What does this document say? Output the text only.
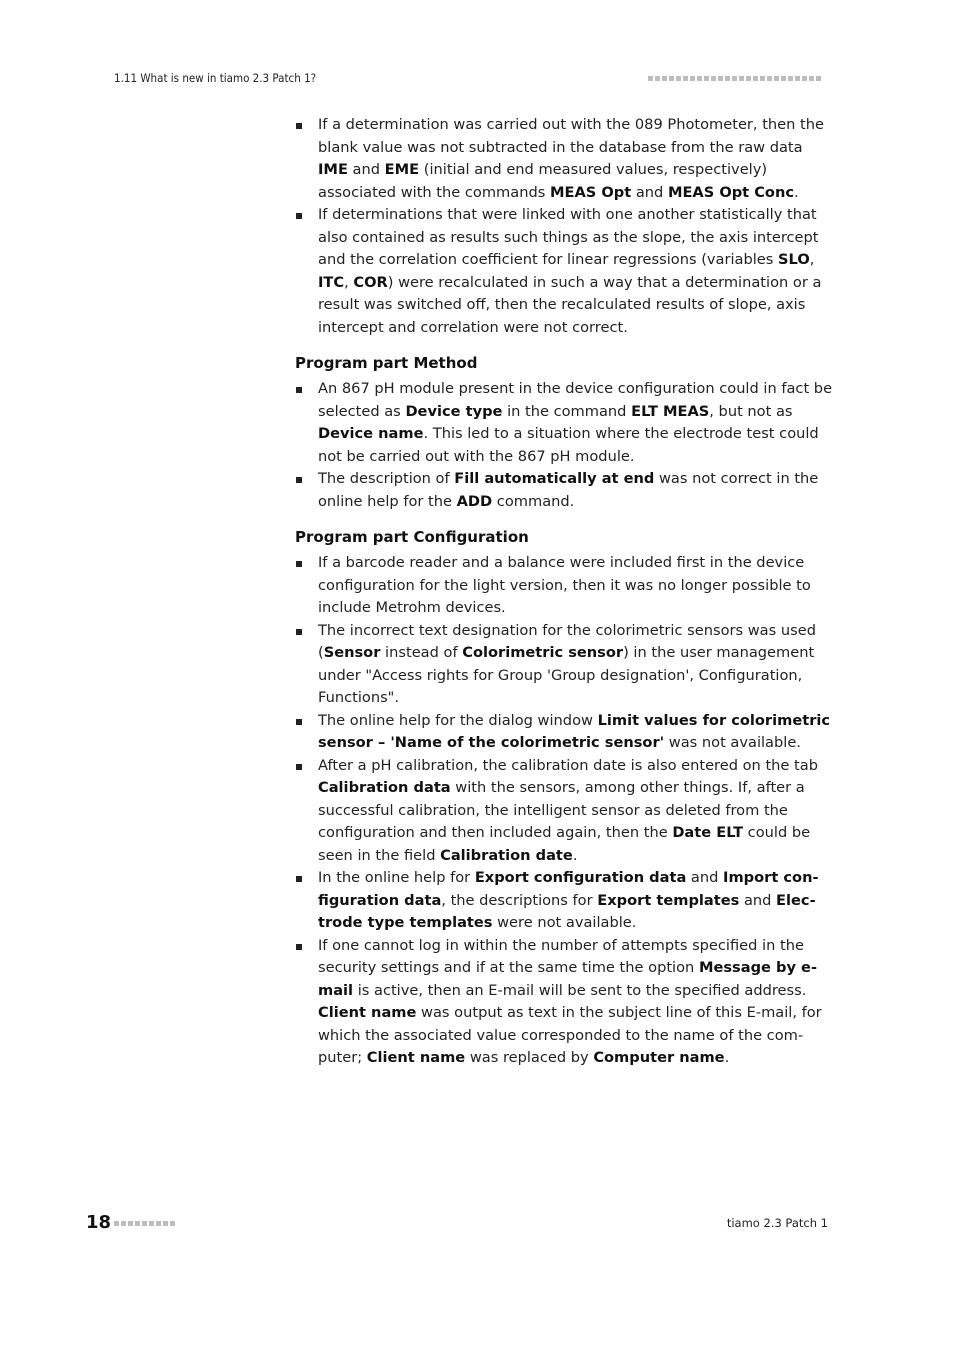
1.11 What is new in tiamo 2.3 Patch 1?
If a determination was carried out with the 089 Photometer, then the blank value was not subtracted in the database from the raw data IME and EME (initial and end measured values, respectively) associated with the commands MEAS Opt and MEAS Opt Conc.
If determinations that were linked with one another statistically that also contained as results such things as the slope, the axis intercept and the correlation coefficient for linear regressions (variables SLO, ITC, COR) were recalculated in such a way that a determination or a result was switched off, then the recalculated results of slope, axis intercept and correlation were not correct.
Program part Method
An 867 pH module present in the device configuration could in fact be selected as Device type in the command ELT MEAS, but not as Device name. This led to a situation where the electrode test could not be carried out with the 867 pH module.
The description of Fill automatically at end was not correct in the online help for the ADD command.
Program part Configuration
If a barcode reader and a balance were included first in the device configuration for the light version, then it was no longer possible to include Metrohm devices.
The incorrect text designation for the colorimetric sensors was used (Sensor instead of Colorimetric sensor) in the user management under "Access rights for Group 'Group designation', Configuration, Functions".
The online help for the dialog window Limit values for colorimetric sensor – 'Name of the colorimetric sensor' was not available.
After a pH calibration, the calibration date is also entered on the tab Calibration data with the sensors, among other things. If, after a successful calibration, the intelligent sensor as deleted from the configuration and then included again, then the Date ELT could be seen in the field Calibration date.
In the online help for Export configuration data and Import configuration data, the descriptions for Export templates and Electrode type templates were not available.
If one cannot log in within the number of attempts specified in the security settings and if at the same time the option Message by e-mail is active, then an E-mail will be sent to the specified address. Client name was output as text in the subject line of this E-mail, for which the associated value corresponded to the name of the computer; Client name was replaced by Computer name.
18	tiamo 2.3 Patch 1
